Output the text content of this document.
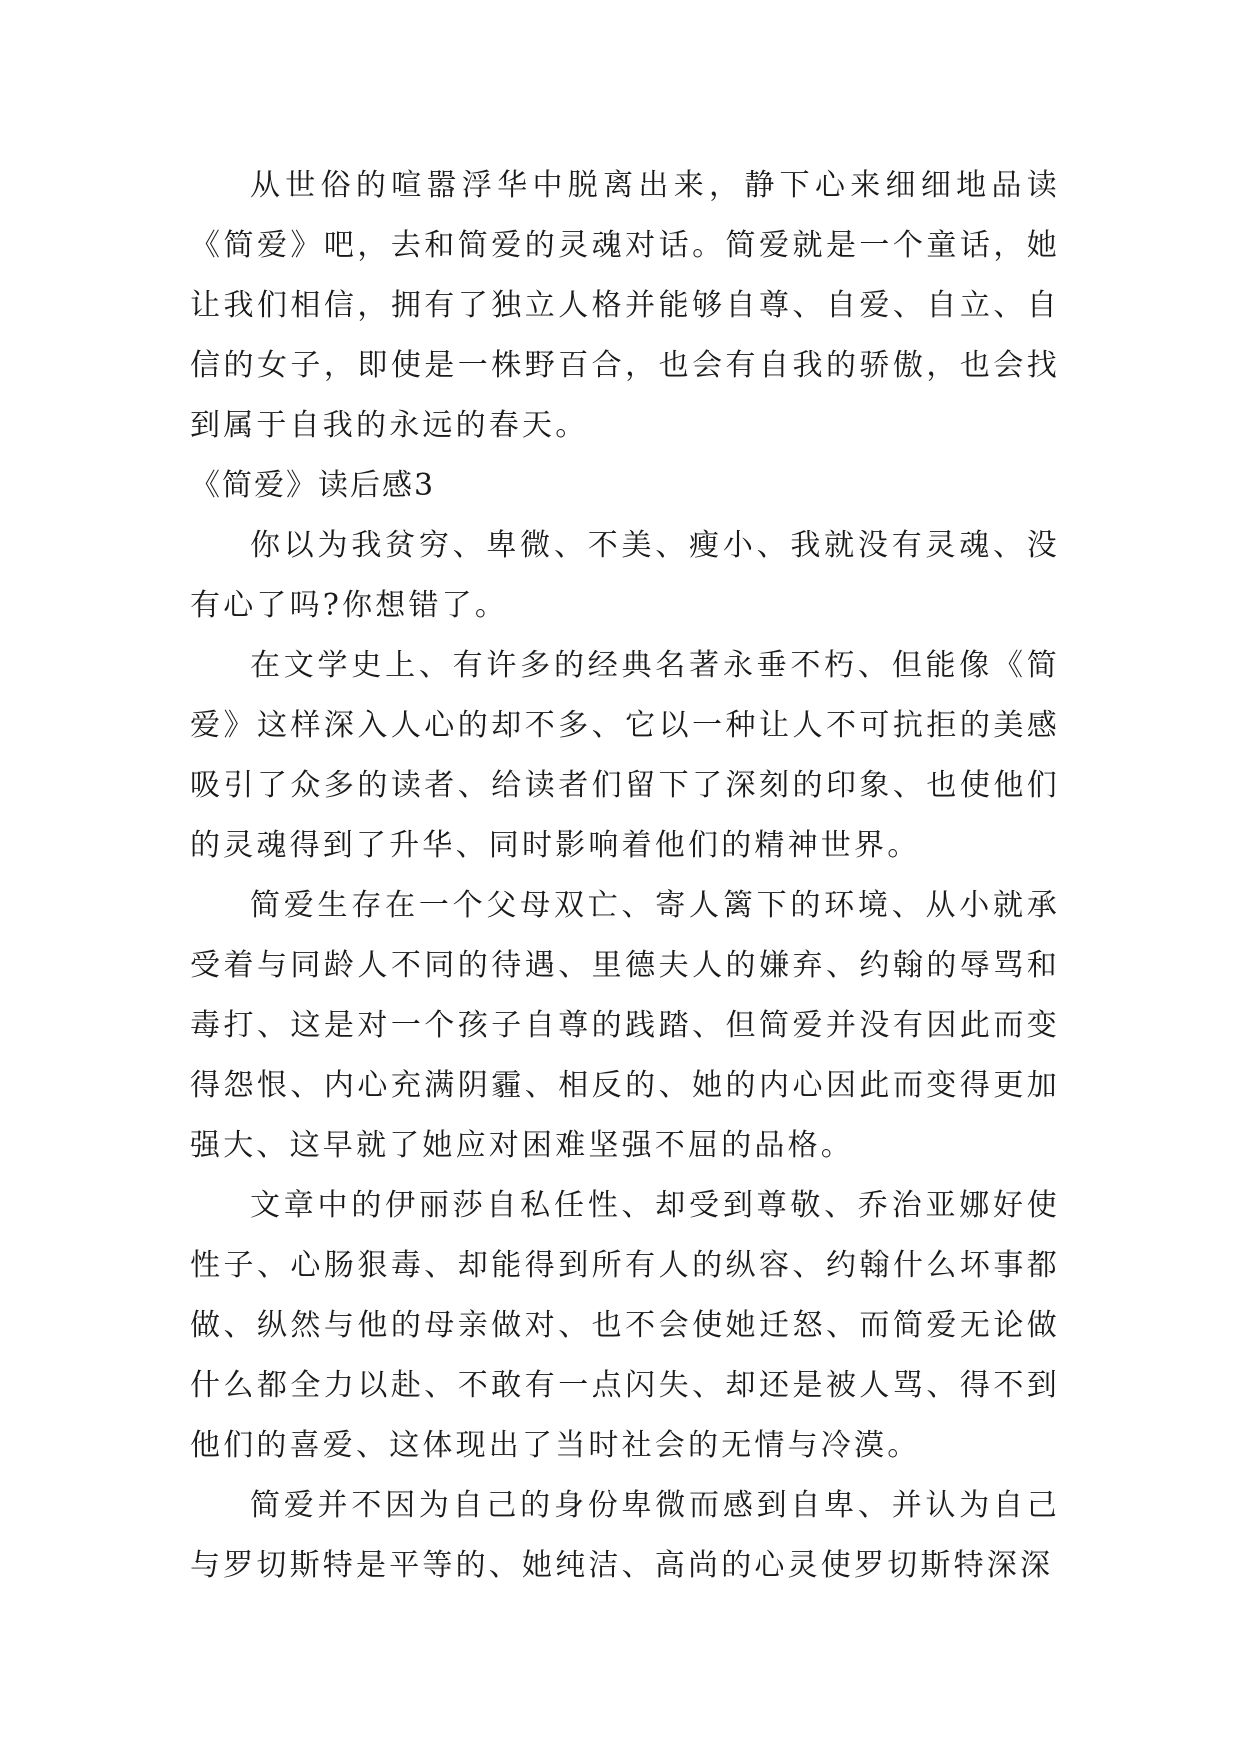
从世俗的喧嚣浮华中脱离出来，静下心来细细地品读《简爱》吧，去和简爱的灵魂对话。简爱就是一个童话，她让我们相信，拥有了独立人格并能够自尊、自爱、自立、自信的女子，即使是一株野百合，也会有自我的骄傲，也会找到属于自我的永远的春天。

《简爱》读后感3

你以为我贫穷、卑微、不美、瘦小、我就没有灵魂、没有心了吗?你想错了。

在文学史上、有许多的经典名著永垂不朽、但能像《简爱》这样深入人心的却不多、它以一种让人不可抗拒的美感吸引了众多的读者、给读者们留下了深刻的印象、也使他们的灵魂得到了升华、同时影响着他们的精神世界。

简爱生存在一个父母双亡、寄人篱下的环境、从小就承受着与同龄人不同的待遇、里德夫人的嫌弃、约翰的辱骂和毒打、这是对一个孩子自尊的践踏、但简爱并没有因此而变得怨恨、内心充满阴霾、相反的、她的内心因此而变得更加强大、这早就了她应对困难坚强不屈的品格。

文章中的伊丽莎自私任性、却受到尊敬、乔治亚娜好使性子、心肠狠毒、却能得到所有人的纵容、约翰什么坏事都做、纵然与他的母亲做对、也不会使她迁怒、而简爱无论做什么都全力以赴、不敢有一点闪失、却还是被人骂、得不到他们的喜爱、这体现出了当时社会的无情与冷漠。

简爱并不因为自己的身份卑微而感到自卑、并认为自己与罗切斯特是平等的、她纯洁、高尚的心灵使罗切斯特深深
